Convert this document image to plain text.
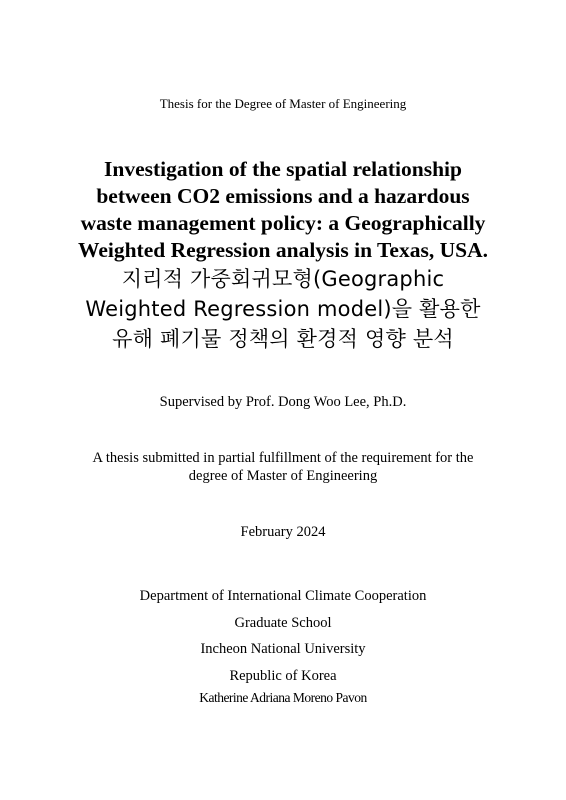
Thesis for the Degree of Master of Engineering
Investigation of the spatial relationship
between CO2 emissions and a hazardous
waste management policy: a Geographically
Weighted Regression analysis in Texas, USA.
지리적 가중회귀모형(Geographic
Weighted Regression model)을 활용한
유해 폐기물 정책의 환경적 영향 분석
Supervised by Prof. Dong Woo Lee, Ph.D.
A thesis submitted in partial fulfillment of the requirement for the
degree of Master of Engineering
February 2024
Department of International Climate Cooperation
Graduate School
Incheon National University
Republic of Korea
Katherine Adriana Moreno Pavon
